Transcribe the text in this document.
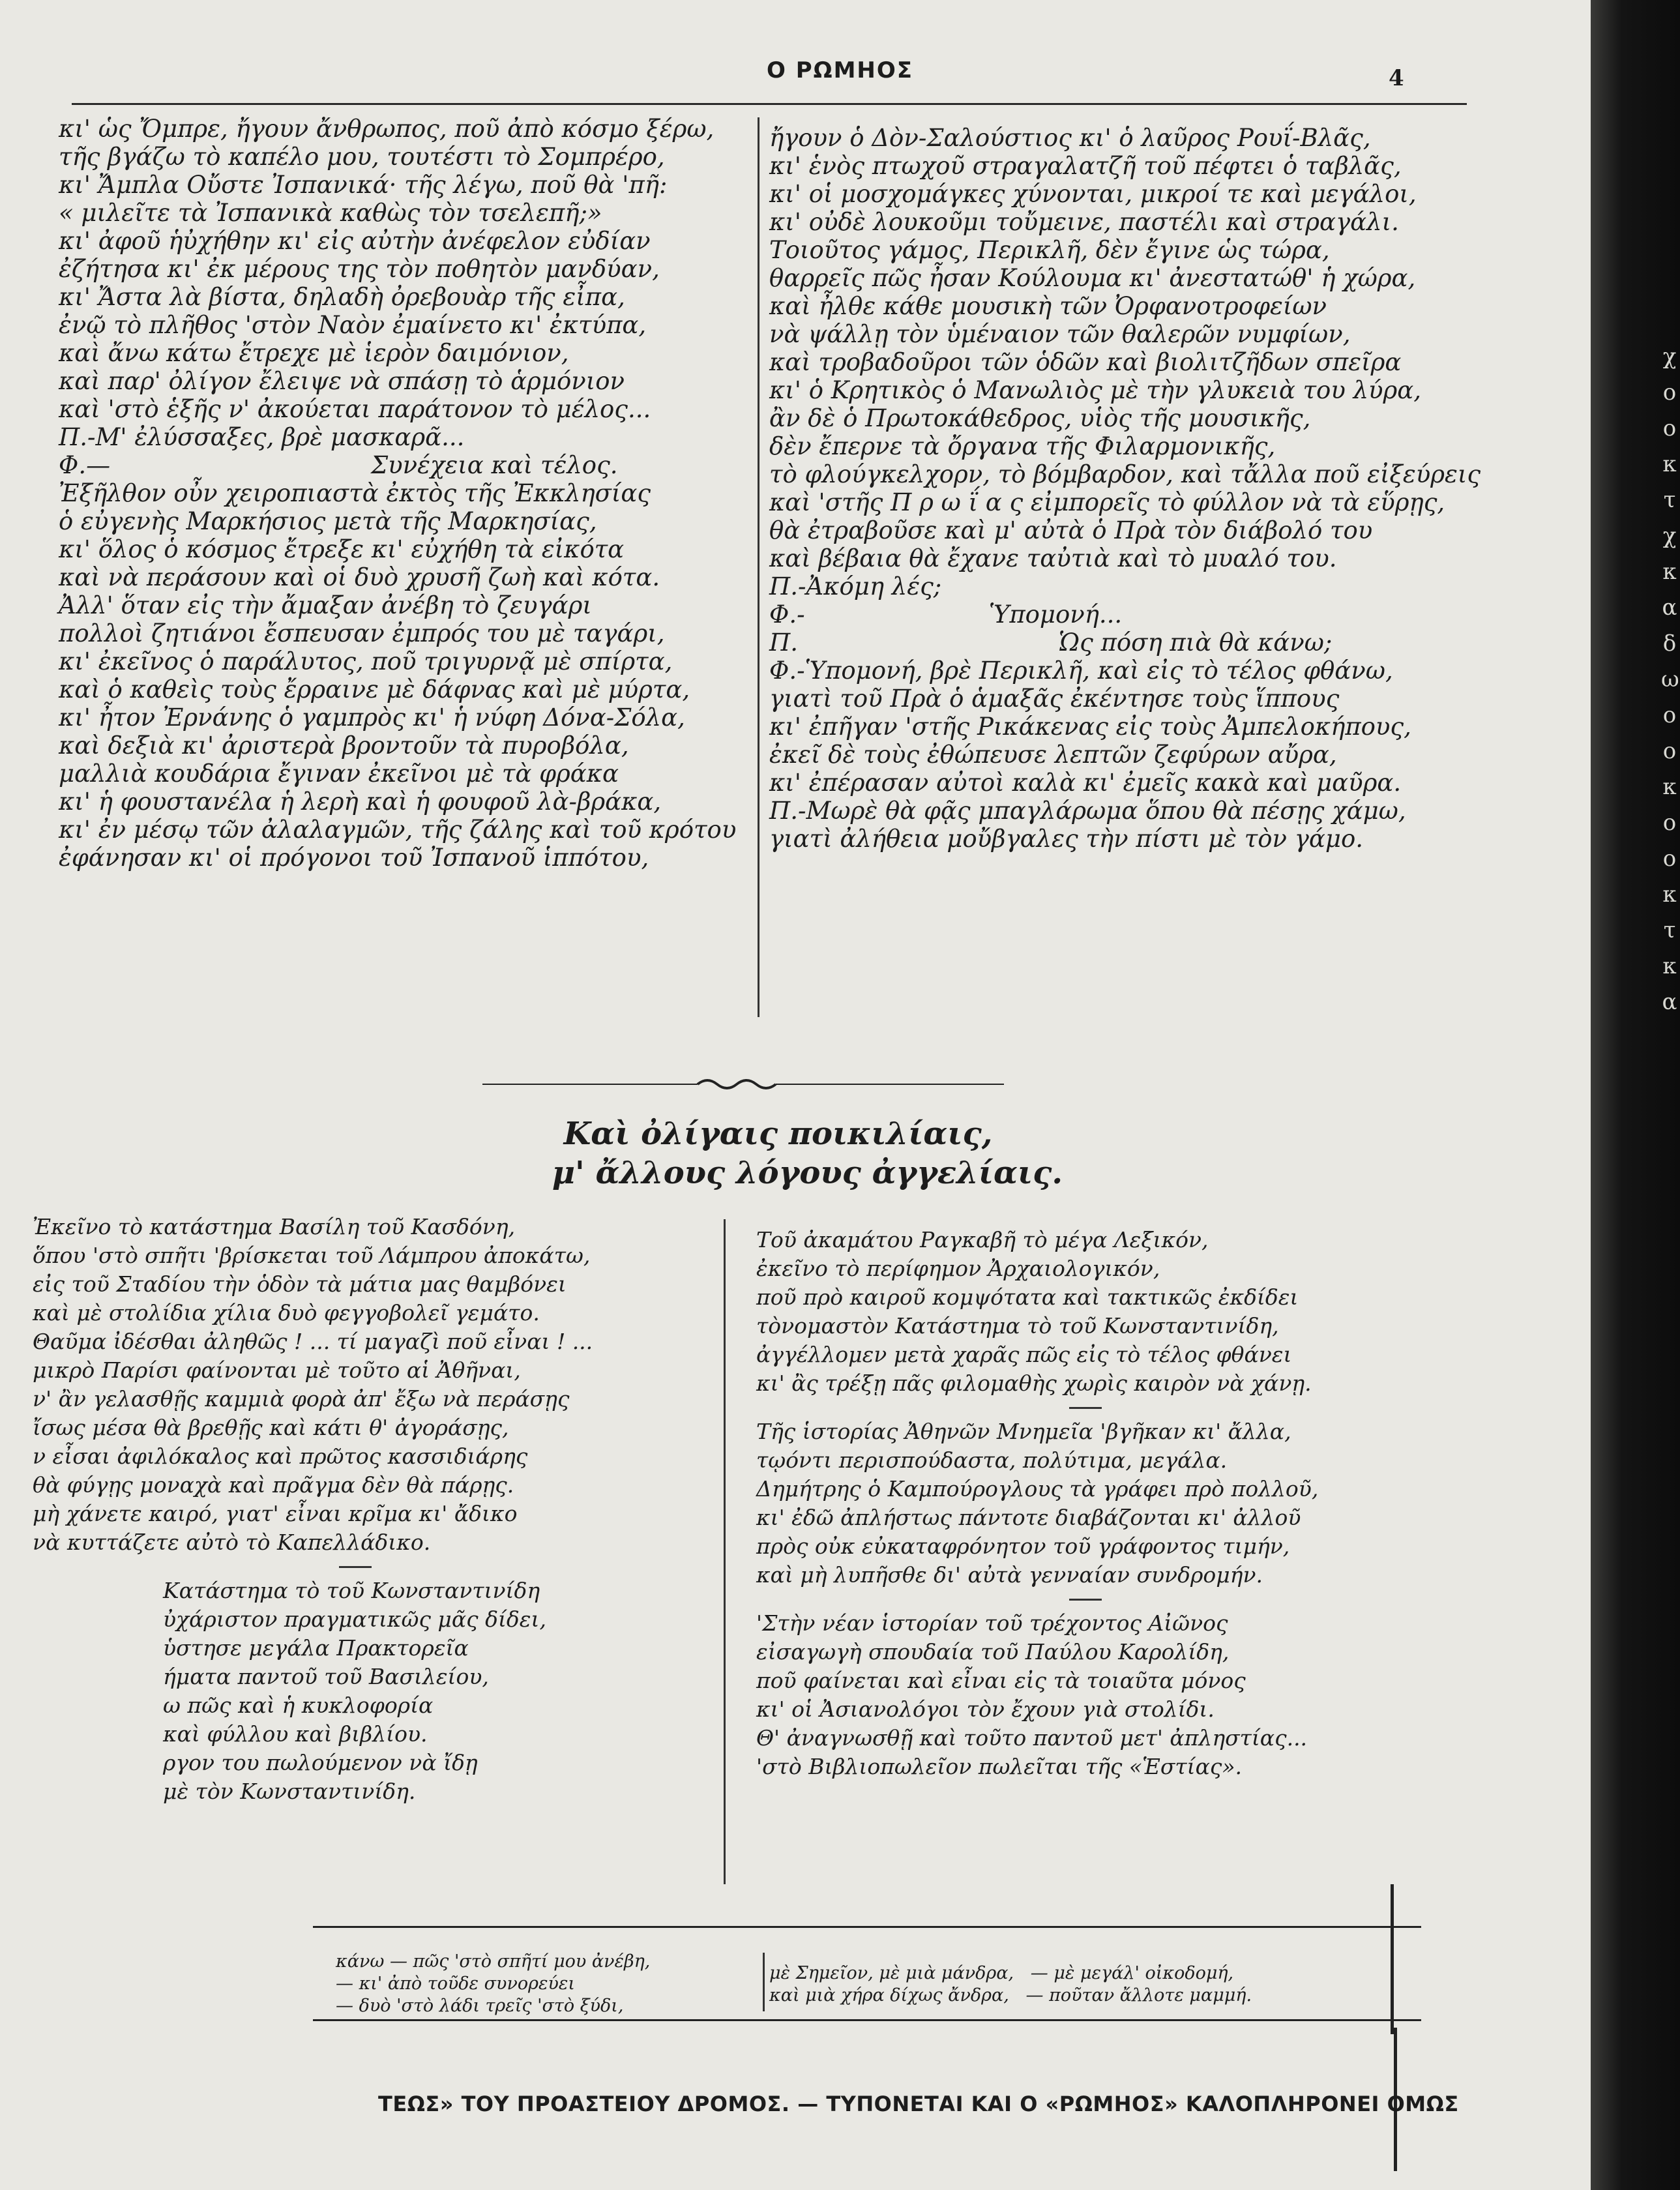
χ
ο
ο
κ
τ
χ
κ
α
δ
ω
ο
ο
κ
ο
ο
κ
τ
κ
α
Ο ΡΩΜΗΟΣ	4
κι' ὡς Ὄμπρε, ἤγουν ἄνθρωπος, ποῦ ἀπὸ κόσμο ξέρω,
τῆς βγάζω τὸ καπέλο μου, τουτέστι τὸ Σομπρέρο,
κι' Ἄμπλα Οὔστε Ἰσπανικά· τῆς λέγω, ποῦ θὰ 'πῆ:
« μιλεῖτε τὰ Ἰσπανικὰ καθὼς τὸν τσελεπῆ;»
κι' ἀφοῦ ἡὐχήθην κι' εἰς αὐτὴν ἀνέφελον εὐδίαν
ἐζήτησα κι' ἐκ μέρους της τὸν ποθητὸν μανδύαν,
κι' Ἄστα λὰ βίστα, δηλαδὴ ὀρεβουὰρ τῆς εἶπα,
ἐνῷ τὸ πλῆθος 'στὸν Ναὸν ἐμαίνετο κι' ἐκτύπα,
καὶ ἄνω κάτω ἔτρεχε μὲ ἱερὸν δαιμόνιον,
καὶ παρ' ὀλίγον ἔλειψε νὰ σπάσῃ τὸ ἁρμόνιον
καὶ 'στὸ ἑξῆς ν' ἀκούεται παράτονον τὸ μέλος...
Π.-Μ' ἐλύσσαξες, βρὲ μασκαρᾶ...
Φ.—                                  Συνέχεια καὶ τέλος.
Ἐξῆλθον οὖν χειροπιαστὰ ἐκτὸς τῆς Ἐκκλησίας
ὁ εὐγενὴς Μαρκήσιος μετὰ τῆς Μαρκησίας,
κι' ὅλος ὁ κόσμος ἔτρεξε κι' εὐχήθη τὰ εἰκότα
καὶ νὰ περάσουν καὶ οἱ δυὸ χρυσῆ ζωὴ καὶ κότα.
Ἀλλ' ὅταν εἰς τὴν ἄμαξαν ἀνέβη τὸ ζευγάρι
πολλοὶ ζητιάνοι ἔσπευσαν ἐμπρός του μὲ ταγάρι,
κι' ἐκεῖνος ὁ παράλυτος, ποῦ τριγυρνᾷ μὲ σπίρτα,
καὶ ὁ καθεὶς τοὺς ἔρραινε μὲ δάφνας καὶ μὲ μύρτα,
κι' ἦτον Ἐρνάνης ὁ γαμπρὸς κι' ἡ νύφη Δόνα-Σόλα,
καὶ δεξιὰ κι' ἀριστερὰ βροντοῦν τὰ πυροβόλα,
μαλλιὰ κουδάρια ἔγιναν ἐκεῖνοι μὲ τὰ φράκα
κι' ἡ φουστανέλα ἡ λερὴ καὶ ἡ φουφοῦ λὰ-βράκα,
κι' ἐν μέσῳ τῶν ἀλαλαγμῶν, τῆς ζάλης καὶ τοῦ κρότου
ἐφάνησαν κι' οἱ πρόγονοι τοῦ Ἰσπανοῦ ἱππότου,
ἤγουν ὁ Δὸν-Σαλούστιος κι' ὁ λαῦρος Ρουΐ-Βλᾶς,
κι' ἑνὸς πτωχοῦ στραγαλατζῆ τοῦ πέφτει ὁ ταβλᾶς,
κι' οἱ μοσχομάγκες χύνονται, μικροί τε καὶ μεγάλοι,
κι' οὐδὲ λουκοῦμι τοὔμεινε, παστέλι καὶ στραγάλι.
Τοιοῦτος γάμος, Περικλῆ, δὲν ἔγινε ὡς τώρα,
θαρρεῖς πῶς ἦσαν Κούλουμα κι' ἀνεστατώθ' ἡ χώρα,
καὶ ἦλθε κάθε μουσικὴ τῶν Ὀρφανοτροφείων
νὰ ψάλλῃ τὸν ὑμέναιον τῶν θαλερῶν νυμφίων,
καὶ τροβαδοῦροι τῶν ὁδῶν καὶ βιολιτζῆδων σπεῖρα
κι' ὁ Κρητικὸς ὁ Μανωλιὸς μὲ τὴν γλυκειὰ του λύρα,
ἂν δὲ ὁ Πρωτοκάθεδρος, υἱὸς τῆς μουσικῆς,
δὲν ἔπερνε τὰ ὄργανα τῆς Φιλαρμονικῆς,
τὸ φλούγκελχορν, τὸ βόμβαρδον, καὶ τἄλλα ποῦ εἰξεύρεις
καὶ 'στῆς Π ρ ω ΐ α ς εἰμπορεῖς τὸ φύλλον νὰ τὰ εὕρῃς,
θὰ ἐτραβοῦσε καὶ μ' αὐτὰ ὁ Πρὰ τὸν διάβολό του
καὶ βέβαια θὰ ἔχανε ταὐτιὰ καὶ τὸ μυαλό του.
Π.-Ἀκόμη λές;
Φ.-                        Ὑπομονή...
Π.                                  Ὡς πόση πιὰ θὰ κάνω;
Φ.-Ὑπομονή, βρὲ Περικλῆ, καὶ εἰς τὸ τέλος φθάνω,
γιατὶ τοῦ Πρὰ ὁ ἁμαξᾶς ἐκέντησε τοὺς ἵππους
κι' ἐπῆγαν 'στῆς Ρικάκενας εἰς τοὺς Ἀμπελοκήπους,
ἐκεῖ δὲ τοὺς ἐθώπευσε λεπτῶν ζεφύρων αὔρα,
κι' ἐπέρασαν αὐτοὶ καλὰ κι' ἐμεῖς κακὰ καὶ μαῦρα.
Π.-Μωρὲ θὰ φᾷς μπαγλάρωμα ὅπου θὰ πέσῃς χάμω,
γιατὶ ἀλήθεια μοὔβγαλες τὴν πίστι μὲ τὸν γάμο.
Καὶ ὀλίγαις ποικιλίαις,
μ' ἄλλους λόγους ἀγγελίαις.
Ἐκεῖνο τὸ κατάστημα Βασίλη τοῦ Κασδόνη,
ὅπου 'στὸ σπῆτι 'βρίσκεται τοῦ Λάμπρου ἀποκάτω,
εἰς τοῦ Σταδίου τὴν ὁδὸν τὰ μάτια μας θαμβόνει
καὶ μὲ στολίδια χίλια δυὸ φεγγοβολεῖ γεμάτο.
Θαῦμα ἰδέσθαι ἀληθῶς ! ... τί μαγαζὶ ποῦ εἶναι ! ...
μικρὸ Παρίσι φαίνονται μὲ τοῦτο αἱ Ἀθῆναι,
ν' ἂν γελασθῇς καμμιὰ φορὰ ἀπ' ἔξω νὰ περάσῃς
ἴσως μέσα θὰ βρεθῇς καὶ κάτι θ' ἀγοράσῃς,
ν εἶσαι ἀφιλόκαλος καὶ πρῶτος κασσιδιάρης
θὰ φύγῃς μοναχὰ καὶ πρᾶγμα δὲν θὰ πάρῃς.
μὴ χάνετε καιρό, γιατ' εἶναι κρῖμα κι' ἄδικο
νὰ κυττάζετε αὐτὸ τὸ Καπελλάδικο.
Κατάστημα τὸ τοῦ Κωνσταντινίδη
ὐχάριστον πραγματικῶς μᾶς δίδει,
ὑστησε μεγάλα Πρακτορεῖα
ήματα παντοῦ τοῦ Βασιλείου,
ω πῶς καὶ ἡ κυκλοφορία
καὶ φύλλου καὶ βιβλίου.
ργον του πωλούμενον νὰ ἴδῃ
μὲ τὸν Κωνσταντινίδη.
Τοῦ ἀκαμάτου Ραγκαβῆ τὸ μέγα Λεξικόν,
ἐκεῖνο τὸ περίφημον Ἀρχαιολογικόν,
ποῦ πρὸ καιροῦ κομψότατα καὶ τακτικῶς ἐκδίδει
τὸνομαστὸν Κατάστημα τὸ τοῦ Κωνσταντινίδη,
ἀγγέλλομεν μετὰ χαρᾶς πῶς εἰς τὸ τέλος φθάνει
κι' ἂς τρέξῃ πᾶς φιλομαθὴς χωρὶς καιρὸν νὰ χάνῃ.
Τῆς ἱστορίας Ἀθηνῶν Μνημεῖα 'βγῆκαν κι' ἄλλα,
τῳόντι περισπούδαστα, πολύτιμα, μεγάλα.
Δημήτρης ὁ Καμπούρογλους τὰ γράφει πρὸ πολλοῦ,
κι' ἐδῶ ἀπλήστως πάντοτε διαβάζονται κι' ἀλλοῦ
πρὸς οὐκ εὐκαταφρόνητον τοῦ γράφοντος τιμήν,
καὶ μὴ λυπῆσθε δι' αὐτὰ γενναίαν συνδρομήν.
'Στὴν νέαν ἱστορίαν τοῦ τρέχοντος Αἰῶνος
εἰσαγωγὴ σπουδαία τοῦ Παύλου Καρολίδη,
ποῦ φαίνεται καὶ εἶναι εἰς τὰ τοιαῦτα μόνος
κι' οἱ Ἀσιανολόγοι τὸν ἔχουν γιὰ στολίδι.
Θ' ἀναγνωσθῇ καὶ τοῦτο παντοῦ μετ' ἀπληστίας...
'στὸ Βιβλιοπωλεῖον πωλεῖται τῆς «Ἑστίας».
κάνω — πῶς 'στὸ σπῆτί μου ἀνέβη,
— κι' ἀπὸ τοῦδε συνορεύει
— δυὸ 'στὸ λάδι τρεῖς 'στὸ ξύδι,
μὲ Σημεῖον, μὲ μιὰ μάνδρα,   — μὲ μεγάλ' οἰκοδομή,
καὶ μιὰ χήρα δίχως ἄνδρα,   — ποῦταν ἄλλοτε μαμμή.
ΤΕΩΣ» ΤΟΥ ΠΡΟΑΣΤΕΙΟΥ ΔΡΟΜΟΣ. — ΤΥΠΟΝΕΤΑΙ ΚΑΙ Ο «ΡΩΜΗΟΣ» ΚΑΛΟΠΛΗΡΟΝΕΙ ΟΜΩΣ
